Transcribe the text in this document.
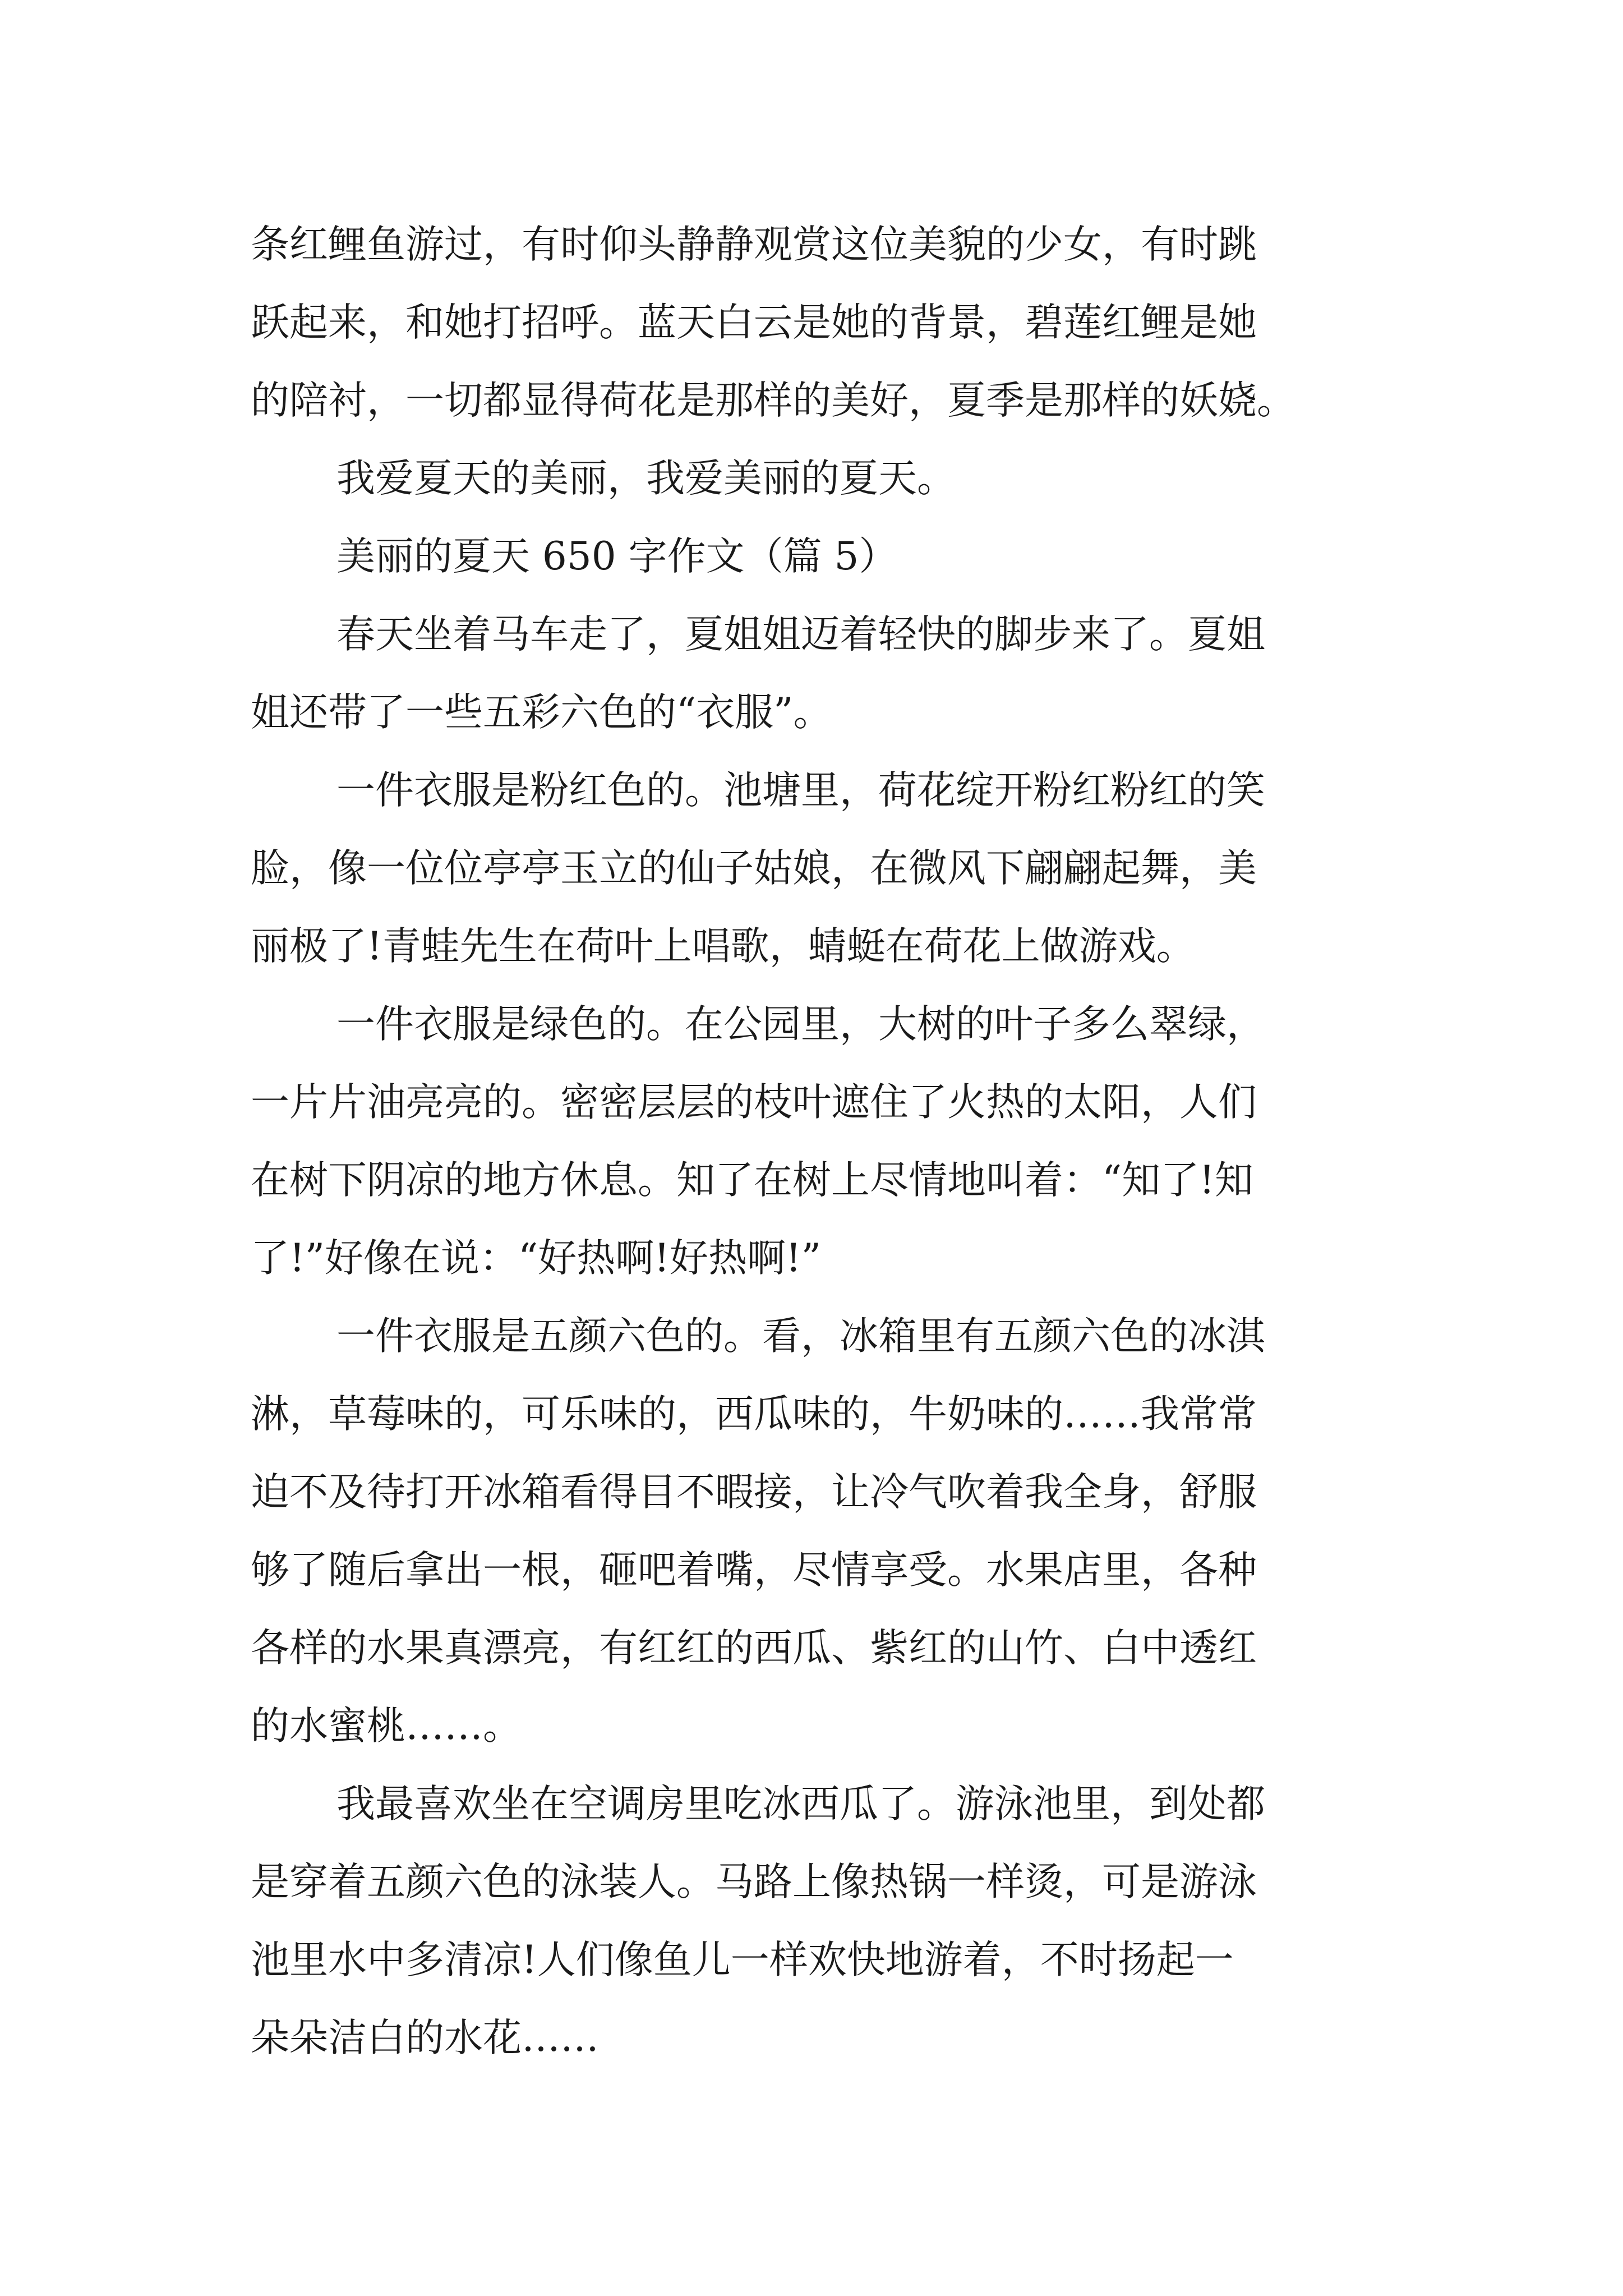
条红鲤鱼游过，有时仰头静静观赏这位美貌的少女，有时跳

跃起来，和她打招呼。蓝天白云是她的背景，碧莲红鲤是她

的陪衬，一切都显得荷花是那样的美好，夏季是那样的妖娆。

我爱夏天的美丽，我爱美丽的夏天。

美丽的夏天 650 字作文（篇 5）

春天坐着马车走了，夏姐姐迈着轻快的脚步来了。夏姐

姐还带了一些五彩六色的“衣服”。

一件衣服是粉红色的。池塘里，荷花绽开粉红粉红的笑

脸，像一位位亭亭玉立的仙子姑娘，在微风下翩翩起舞，美

丽极了!青蛙先生在荷叶上唱歌，蜻蜓在荷花上做游戏。

一件衣服是绿色的。在公园里，大树的叶子多么翠绿，

一片片油亮亮的。密密层层的枝叶遮住了火热的太阳，人们

在树下阴凉的地方休息。知了在树上尽情地叫着：“知了!知

了!”好像在说：“好热啊!好热啊!”

一件衣服是五颜六色的。看，冰箱里有五颜六色的冰淇

淋，草莓味的，可乐味的，西瓜味的，牛奶味的……我常常

迫不及待打开冰箱看得目不暇接，让冷气吹着我全身，舒服

够了随后拿出一根，砸吧着嘴，尽情享受。水果店里，各种

各样的水果真漂亮，有红红的西瓜、紫红的山竹、白中透红

的水蜜桃……。

我最喜欢坐在空调房里吃冰西瓜了。游泳池里，到处都

是穿着五颜六色的泳装人。马路上像热锅一样烫，可是游泳

池里水中多清凉!人们像鱼儿一样欢快地游着，不时扬起一

朵朵洁白的水花……
